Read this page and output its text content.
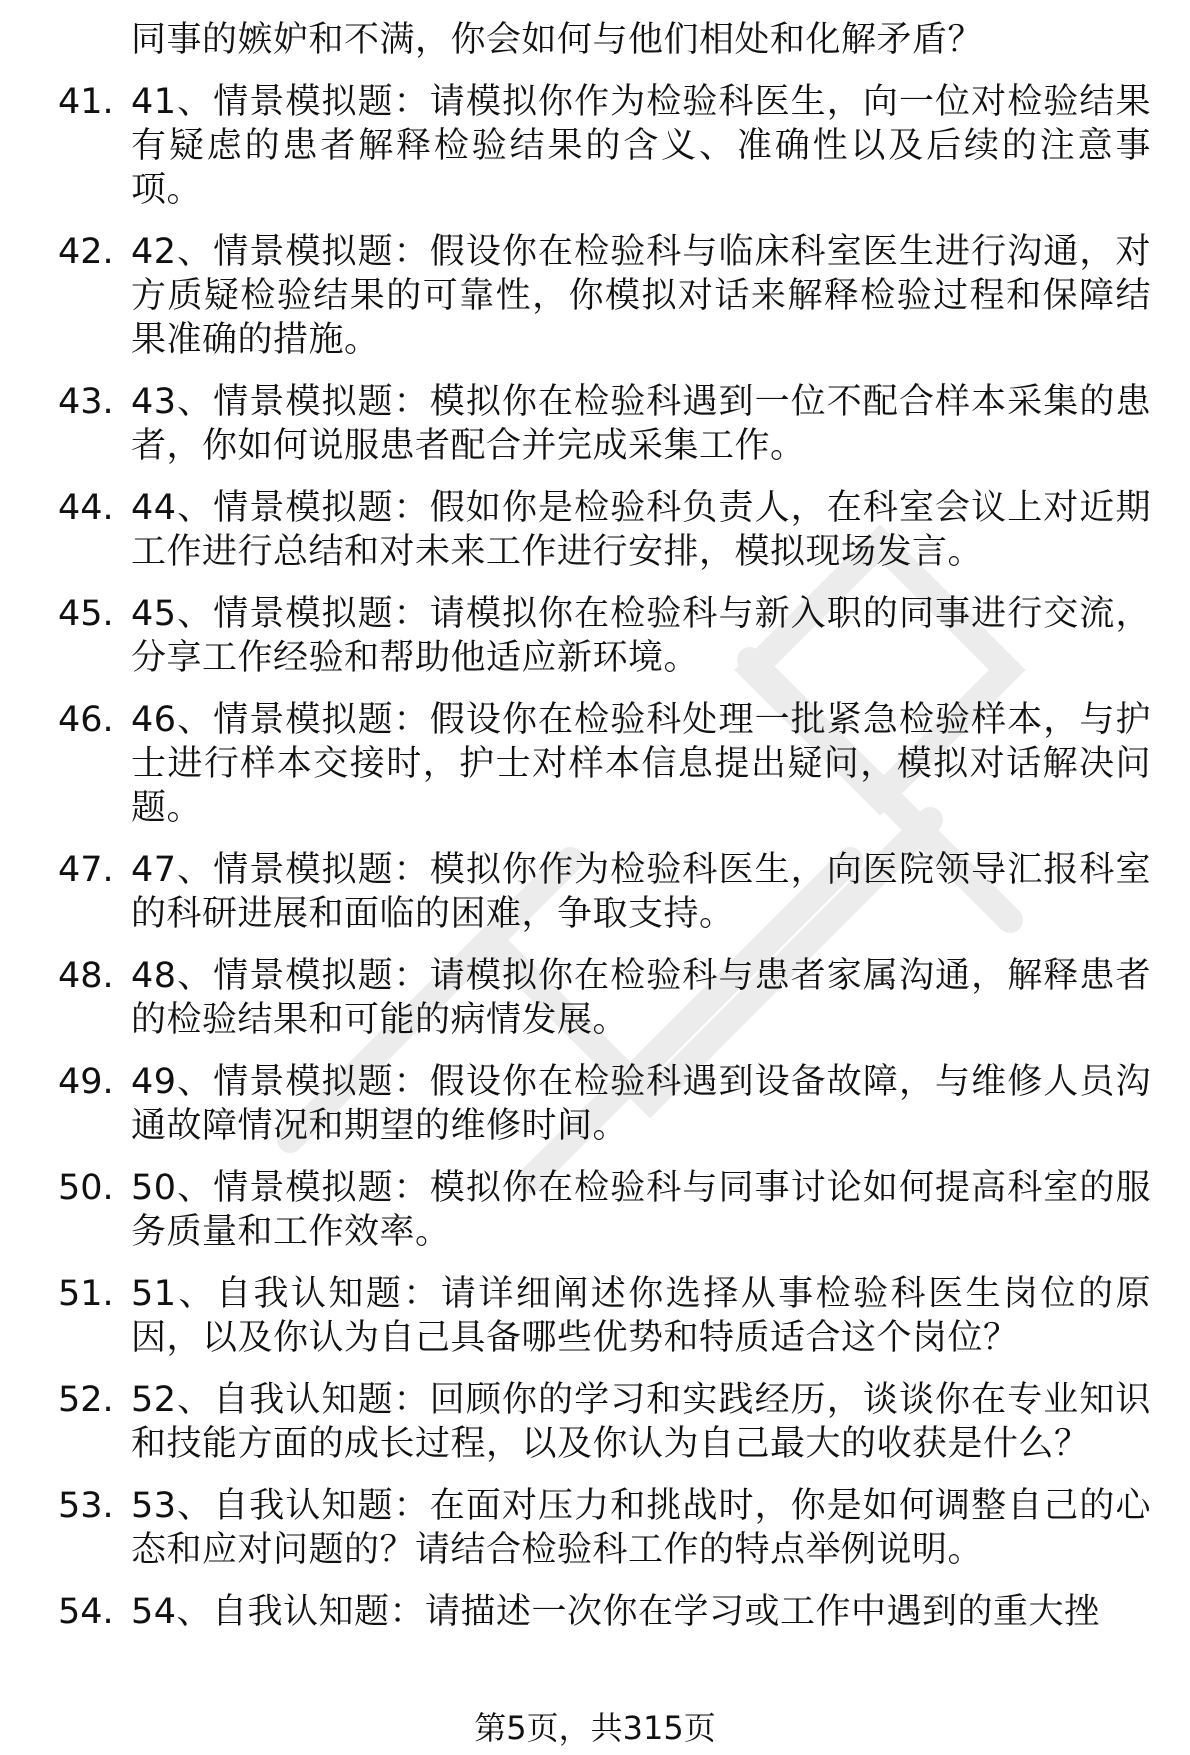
同事的嫉妒和不满，你会如何与他们相处和化解矛盾？
41. 41、情景模拟题：请模拟你作为检验科医生，向一位对检验结果有疑虑的患者解释检验结果的含义、准确性以及后续的注意事项。
42. 42、情景模拟题：假设你在检验科与临床科室医生进行沟通，对方质疑检验结果的可靠性，你模拟对话来解释检验过程和保障结果准确的措施。
43. 43、情景模拟题：模拟你在检验科遇到一位不配合样本采集的患者，你如何说服患者配合并完成采集工作。
44. 44、情景模拟题：假如你是检验科负责人，在科室会议上对近期工作进行总结和对未来工作进行安排，模拟现场发言。
45. 45、情景模拟题：请模拟你在检验科与新入职的同事进行交流，分享工作经验和帮助他适应新环境。
46. 46、情景模拟题：假设你在检验科处理一批紧急检验样本，与护士进行样本交接时，护士对样本信息提出疑问，模拟对话解决问题。
47. 47、情景模拟题：模拟你作为检验科医生，向医院领导汇报科室的科研进展和面临的困难，争取支持。
48. 48、情景模拟题：请模拟你在检验科与患者家属沟通，解释患者的检验结果和可能的病情发展。
49. 49、情景模拟题：假设你在检验科遇到设备故障，与维修人员沟通故障情况和期望的维修时间。
50. 50、情景模拟题：模拟你在检验科与同事讨论如何提高科室的服务质量和工作效率。
51. 51、自我认知题：请详细阐述你选择从事检验科医生岗位的原因，以及你认为自己具备哪些优势和特质适合这个岗位？
52. 52、自我认知题：回顾你的学习和实践经历，谈谈你在专业知识和技能方面的成长过程，以及你认为自己最大的收获是什么？
53. 53、自我认知题：在面对压力和挑战时，你是如何调整自己的心态和应对问题的？请结合检验科工作的特点举例说明。
54. 54、自我认知题：请描述一次你在学习或工作中遇到的重大挫
第5页，共315页
